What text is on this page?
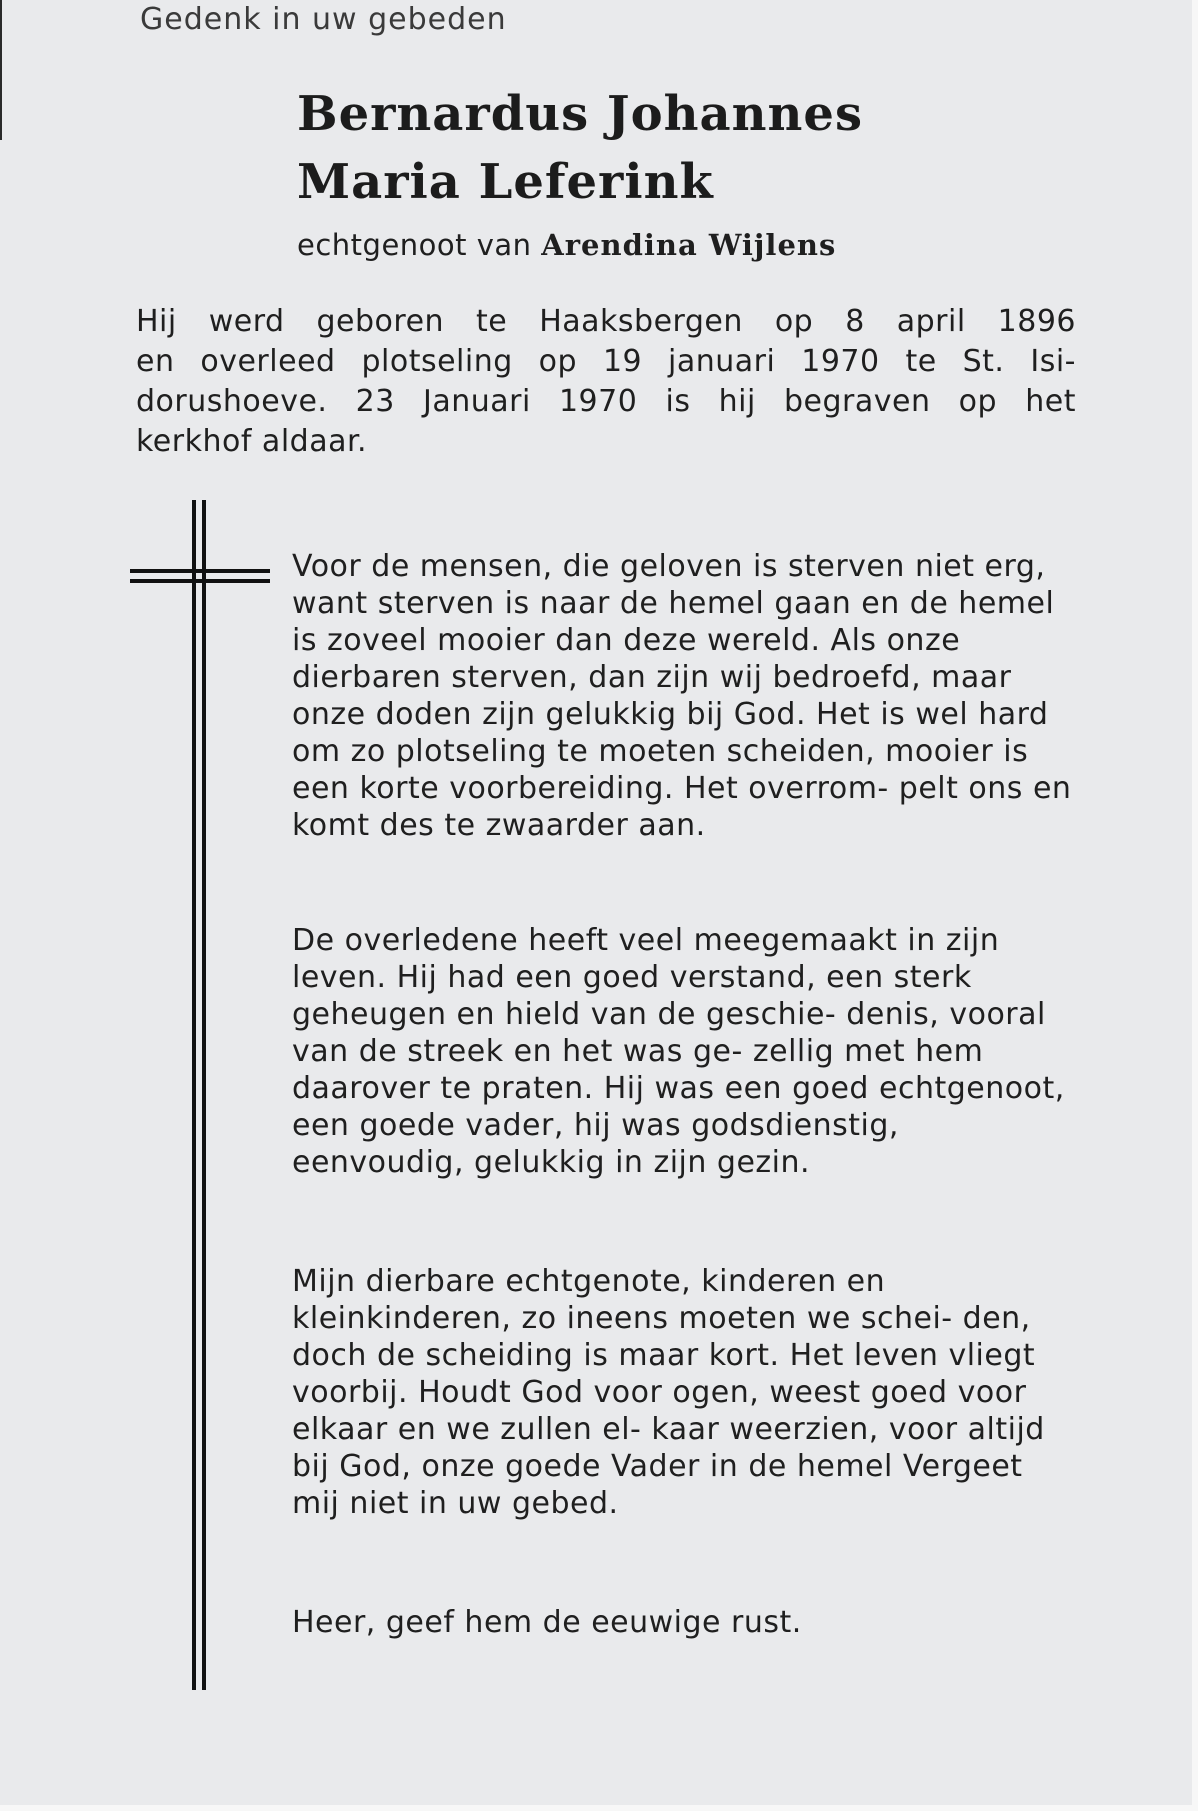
Gedenk in uw gebeden
Bernardus Johannes
Maria Leferink
echtgenoot van Arendina Wijlens
Hij werd geboren te Haaksbergen op 8 april 1896
en overleed plotseling op 19 januari 1970 te St. Isi-
dorushoeve. 23 Januari 1970 is hij begraven op het
kerkhof aldaar.
Voor de mensen, die geloven is sterven niet erg, want sterven is naar de hemel gaan en de hemel is zoveel mooier dan deze wereld. Als onze dierbaren sterven, dan zijn wij bedroefd, maar onze doden zijn gelukkig bij God. Het is wel hard om zo plotseling te moeten scheiden, mooier is een korte voorbereiding. Het overrom- pelt ons en komt des te zwaarder aan.
De overledene heeft veel meegemaakt in zijn leven. Hij had een goed verstand, een sterk geheugen en hield van de geschie- denis, vooral van de streek en het was ge- zellig met hem daarover te praten. Hij was een goed echtgenoot, een goede vader, hij was godsdienstig, eenvoudig, gelukkig in zijn gezin.
Mijn dierbare echtgenote, kinderen en kleinkinderen, zo ineens moeten we schei- den, doch de scheiding is maar kort. Het leven vliegt voorbij. Houdt God voor ogen, weest goed voor elkaar en we zullen el- kaar weerzien, voor altijd bij God, onze goede Vader in de hemel Vergeet mij niet in uw gebed.
Heer, geef hem de eeuwige rust.
